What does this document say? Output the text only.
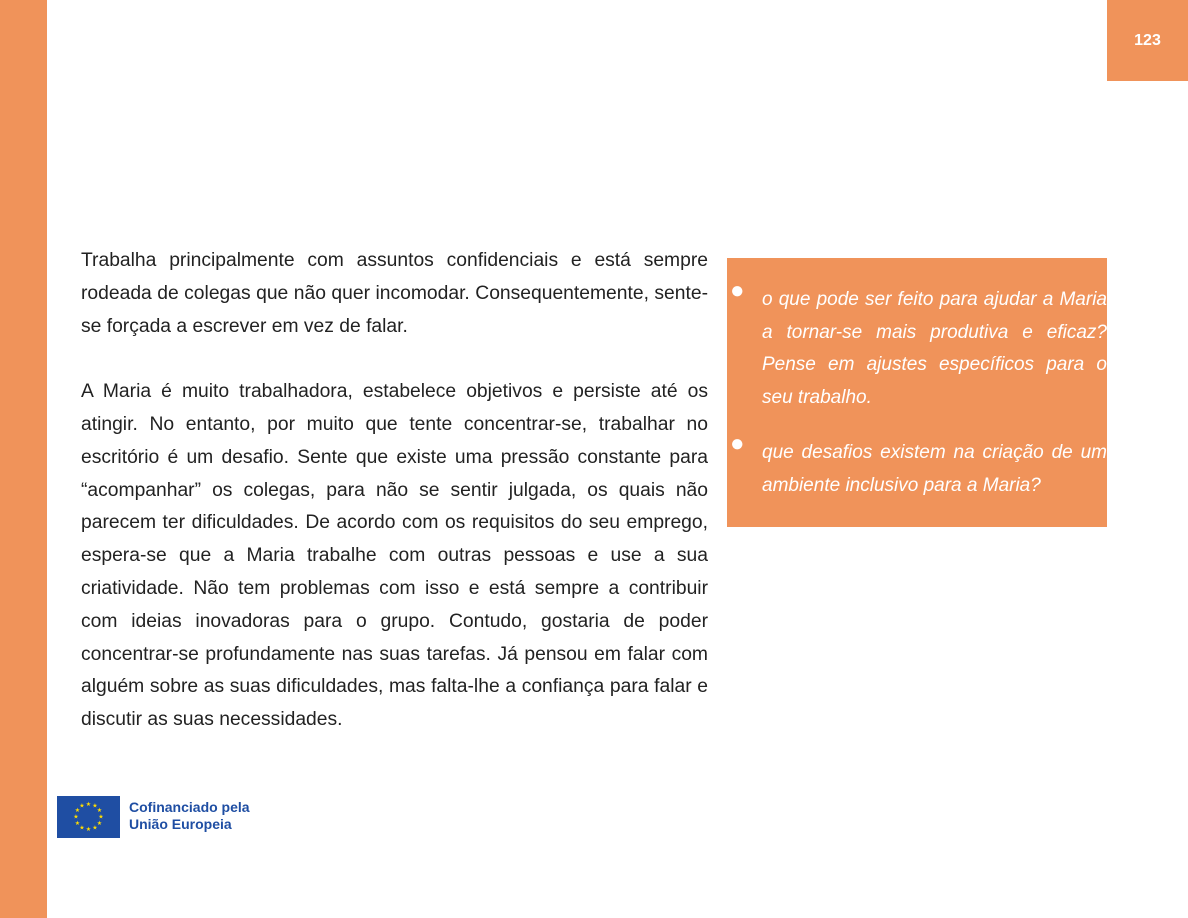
123

Trabalha principalmente com assuntos confidenciais e está sempre rodeada de colegas que não quer incomodar. Consequentemente, sente-se forçada a escrever em vez de falar.

A Maria é muito trabalhadora, estabelece objetivos e persiste até os atingir. No entanto, por muito que tente concentrar-se, trabalhar no escritório é um desafio. Sente que existe uma pressão constante para “acompanhar” os colegas, para não se sentir julgada, os quais não parecem ter dificuldades. De acordo com os requisitos do seu emprego, espera-se que a Maria trabalhe com outras pessoas e use a sua criatividade. Não tem problemas com isso e está sempre a contribuir com ideias inovadoras para o grupo. Contudo, gostaria de poder concentrar-se profundamente nas suas tarefas. Já pensou em falar com alguém sobre as suas dificuldades, mas falta-lhe a confiança para falar e discutir as suas necessidades.

● o que pode ser feito para ajudar a Maria a tornar-se mais produtiva e eficaz? Pense em ajustes específicos para o seu trabalho.
● que desafios existem na criação de um ambiente inclusivo para a Maria?
★ ★
★
★
★
★
★
★
★
★
★
★	Cofinanciado pela
União Europeia
